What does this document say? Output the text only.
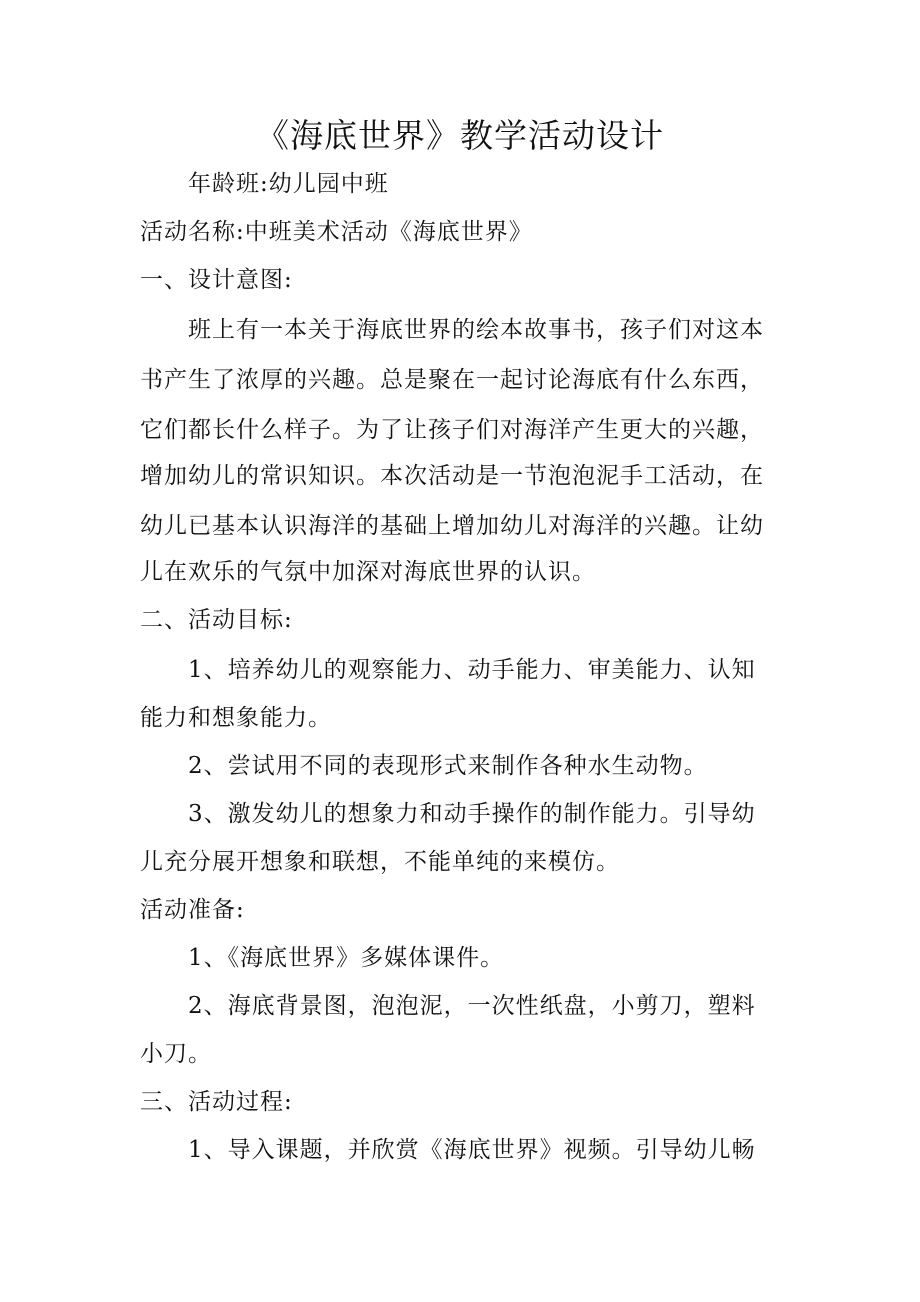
《海底世界》教学活动设计
年龄班:幼儿园中班
活动名称:中班美术活动《海底世界》
一、设计意图:
班上有一本关于海底世界的绘本故事书，孩子们对这本
书产生了浓厚的兴趣。总是聚在一起讨论海底有什么东西，
它们都长什么样子。为了让孩子们对海洋产生更大的兴趣，
增加幼儿的常识知识。本次活动是一节泡泡泥手工活动，在
幼儿已基本认识海洋的基础上增加幼儿对海洋的兴趣。让幼
儿在欢乐的气氛中加深对海底世界的认识。
二、活动目标:
1、培养幼儿的观察能力、动手能力、审美能力、认知
能力和想象能力。
2、尝试用不同的表现形式来制作各种水生动物。
3、激发幼儿的想象力和动手操作的制作能力。引导幼
儿充分展开想象和联想，不能单纯的来模仿。
活动准备:
1、《海底世界》多媒体课件。
2、海底背景图，泡泡泥，一次性纸盘，小剪刀，塑料
小刀。
三、活动过程:
1、导入课题，并欣赏《海底世界》视频。引导幼儿畅
